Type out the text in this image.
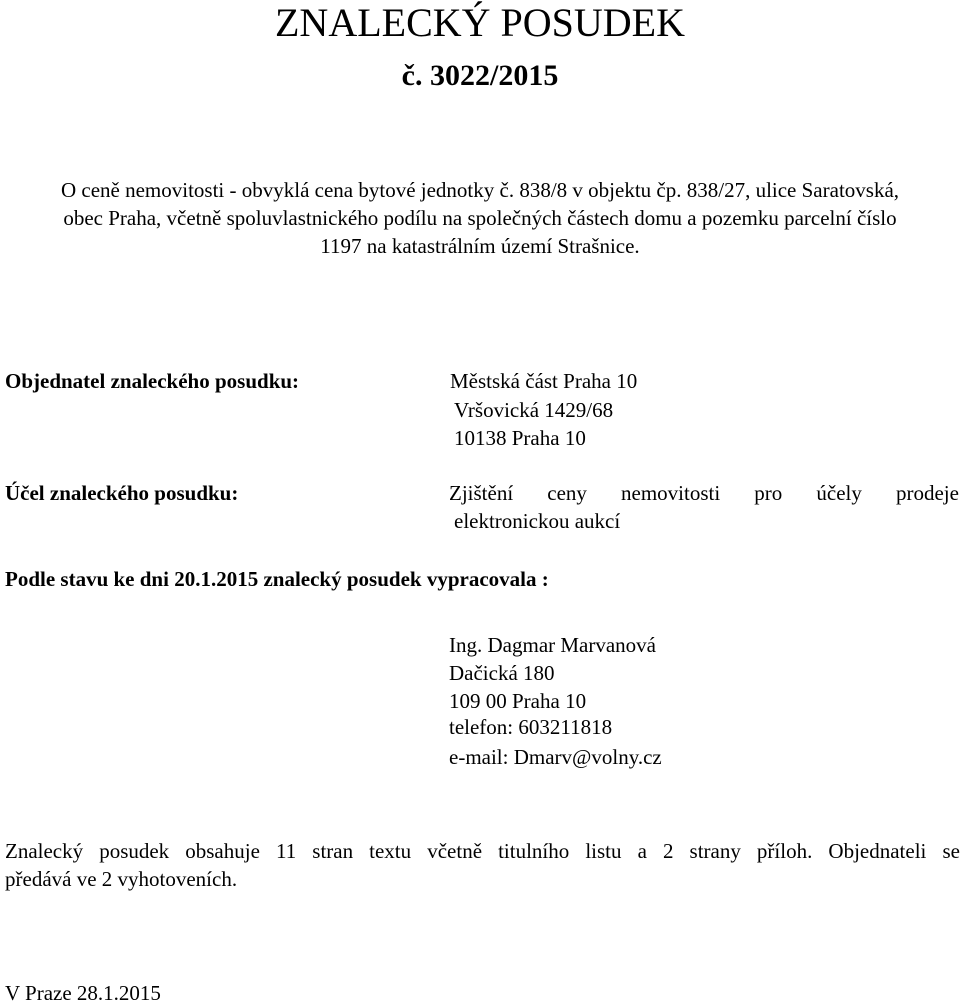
ZNALECKÝ POSUDEK
č. 3022/2015
O ceně nemovitosti - obvyklá cena bytové jednotky č. 838/8 v objektu čp. 838/27, ulice Saratovská,
obec Praha, včetně spoluvlastnického podílu na společných částech domu a pozemku parcelní číslo
1197 na katastrálním území Strašnice.
Objednatel znaleckého posudku:	Městská část Praha 10
Vršovická 1429/68
10138 Praha 10
Účel znaleckého posudku:	Zjištění ceny nemovitosti pro účely prodeje
elektronickou aukcí
Podle stavu ke dni 20.1.2015 znalecký posudek vypracovala :
Ing. Dagmar Marvanová
Dačická 180
109 00 Praha 10
telefon: 603211818
e-mail: Dmarv@volny.cz
Znalecký posudek obsahuje 11 stran textu včetně titulního listu a 2 strany příloh. Objednateli se
předává ve 2 vyhotoveních.
V Praze 28.1.2015
